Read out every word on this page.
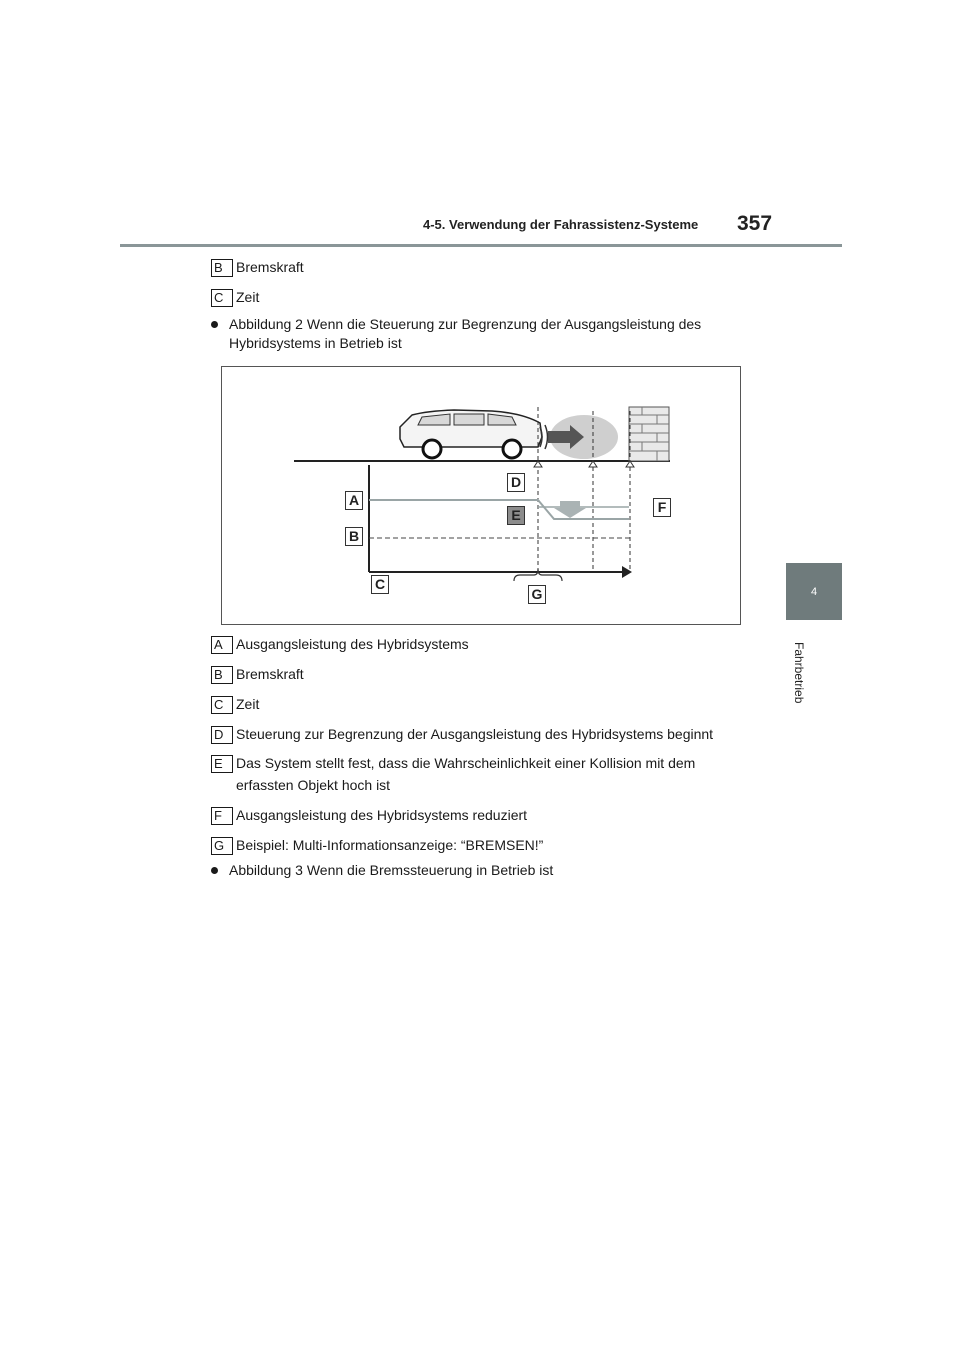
4-5. Verwendung der Fahrassistenz-Systeme 357
4
Fahrbetrieb
B Bremskraft
C Zeit
Abbildung 2 Wenn die Steuerung zur Begrenzung der Ausgangsleistung des Hybridsystems in Betrieb ist
A
B
C
D
E	F
G
A Ausgangsleistung des Hybridsystems
B Bremskraft
C Zeit
D Steuerung zur Begrenzung der Ausgangsleistung des Hybridsystems beginnt
E Das System stellt fest, dass die Wahrscheinlichkeit einer Kollision mit dem erfassten Objekt hoch ist
F	Ausgangsleistung des Hybridsystems reduziert
G Beispiel: Multi-Informationsanzeige: “BREMSEN!”
Abbildung 3 Wenn die Bremssteuerung in Betrieb ist
